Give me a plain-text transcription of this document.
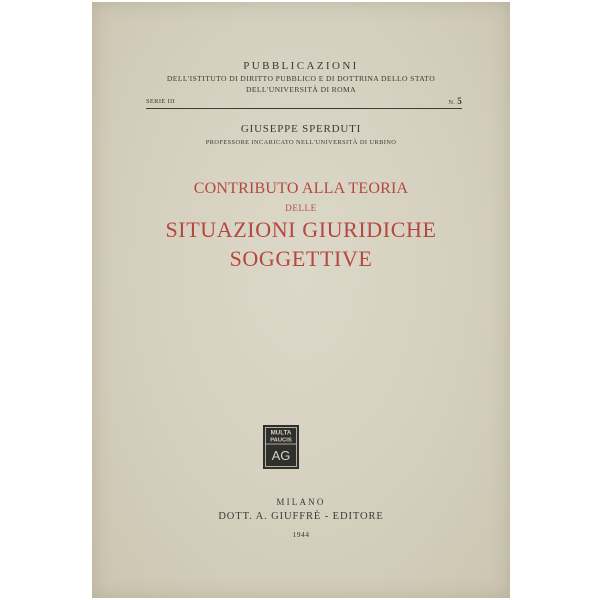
PUBBLICAZIONI
DELL'ISTITUTO DI DIRITTO PUBBLICO E DI DOTTRINA DELLO STATO
DELL'UNIVERSITÀ DI ROMA
SERIE III	N. 5
GIUSEPPE SPERDUTI
PROFESSORE INCARICATO NELL'UNIVERSITÀ DI URBINO
CONTRIBUTO ALLA TEORIA
DELLE
SITUAZIONI GIURIDICHE
SOGGETTIVE
MULTA
PAUCIS
AG
MILANO
DOTT. A. GIUFFRÈ - EDITORE
1944
